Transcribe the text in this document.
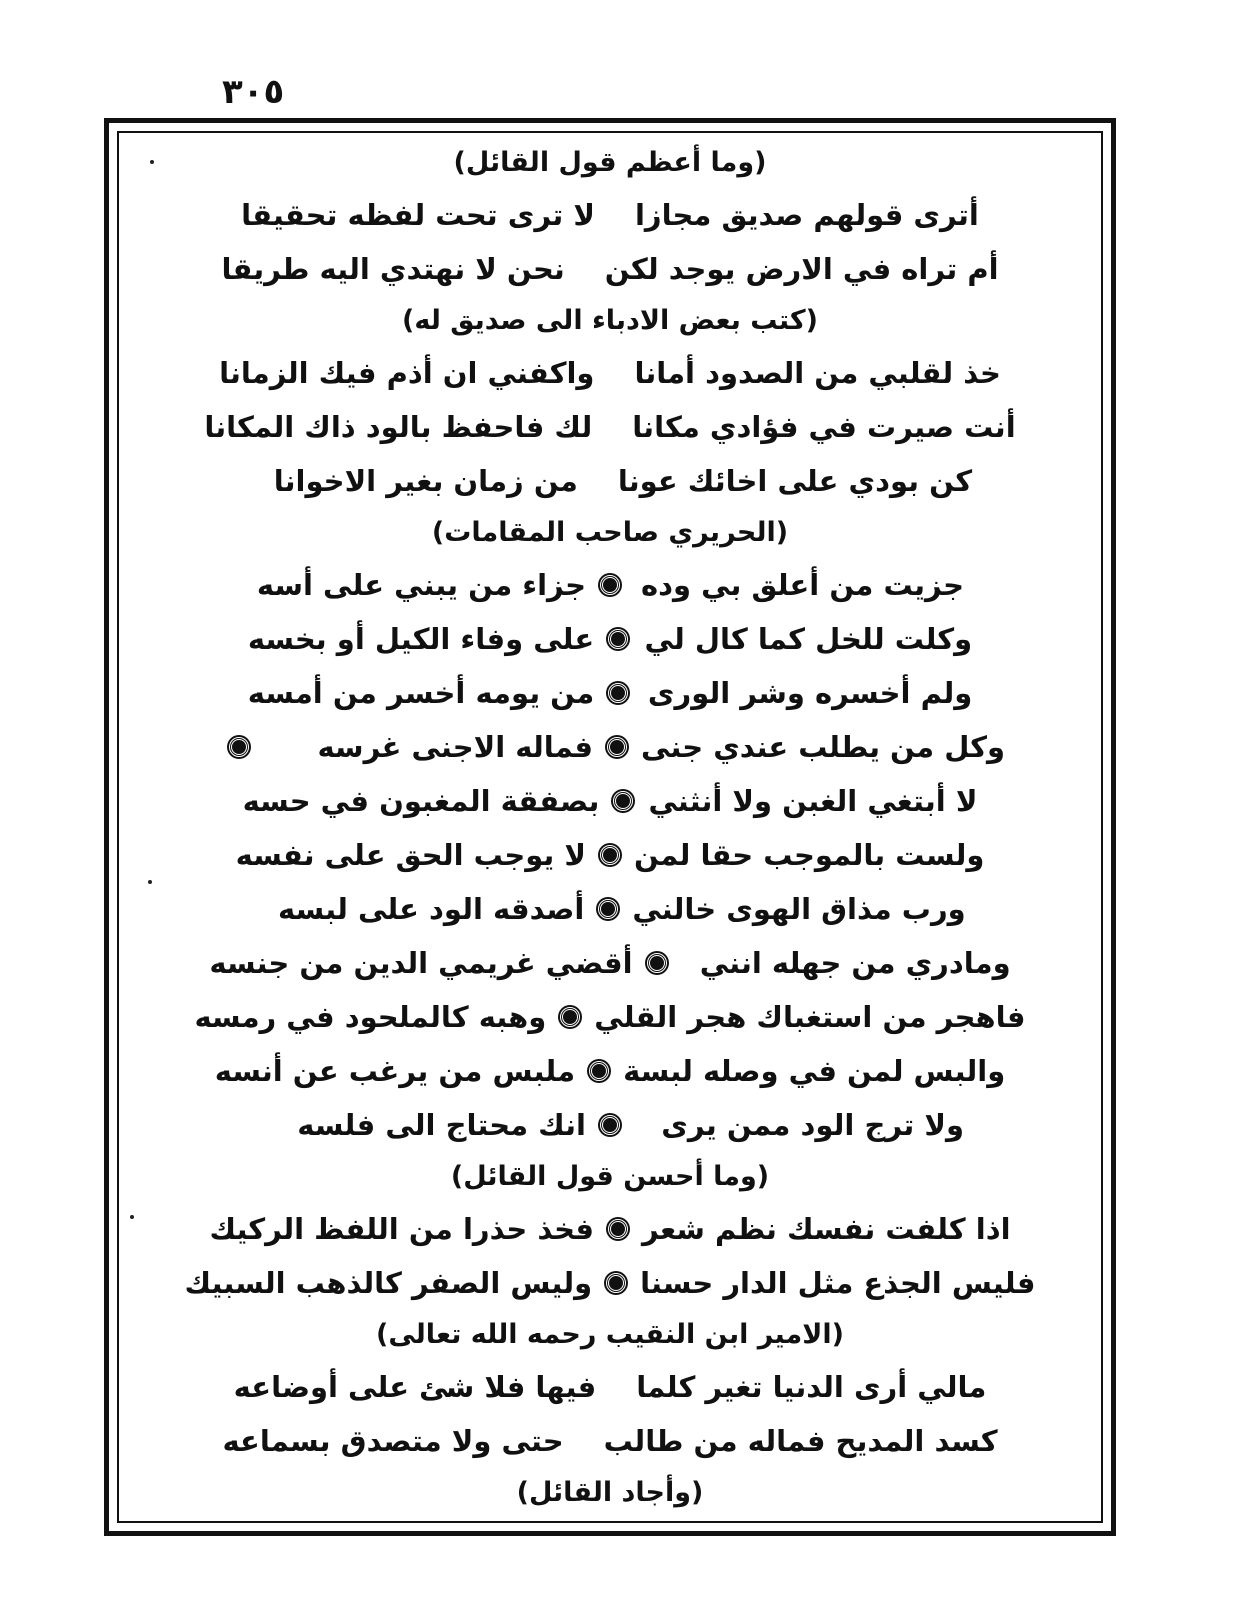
٣٠٥
(وما أعظم قول القائل)
أترى قولهم صديق مجازا
لا ترى تحت لفظه تحقيقا
أم تراه في الارض يوجد لكن
نحن لا نهتدي اليه طريقا
(كتب بعض الادباء الى صديق له)
خذ لقلبي من الصدود أمانا
واكفني ان أذم فيك الزمانا
أنت صيرت في فؤادي مكانا
لك فاحفظ بالود ذاك المكانا
كن بودي على اخائك عونا
من زمان بغير الاخوانا
(الحريري صاحب المقامات)
جزيت من أعلق بي وده
جزاء من يبني على أسه
وكلت للخل كما كال لي
على وفاء الكيل أو بخسه
ولم أخسره وشر الورى
من يومه أخسر من أمسه
وكل من يطلب عندي جنى
فماله الاجنى غرسه
لا أبتغي الغبن ولا أنثني
بصفقة المغبون في حسه
ولست بالموجب حقا لمن
لا يوجب الحق على نفسه
ورب مذاق الهوى خالني
أصدقه الود على لبسه
ومادري من جهله انني
أقضي غريمي الدين من جنسه
فاهجر من استغباك هجر القلي
وهبه كالملحود في رمسه
والبس لمن في وصله لبسة
ملبس من يرغب عن أنسه
ولا ترج الود ممن يرى
انك محتاج الى فلسه
(وما أحسن قول القائل)
اذا كلفت نفسك نظم شعر
فخذ حذرا من اللفظ الركيك
فليس الجذع مثل الدار حسنا
وليس الصفر كالذهب السبيك
(الامير ابن النقيب رحمه الله تعالى)
مالي أرى الدنيا تغير كلما
فيها فلا شئ على أوضاعه
كسد المديح فماله من طالب
حتى ولا متصدق بسماعه
(وأجاد القائل)
